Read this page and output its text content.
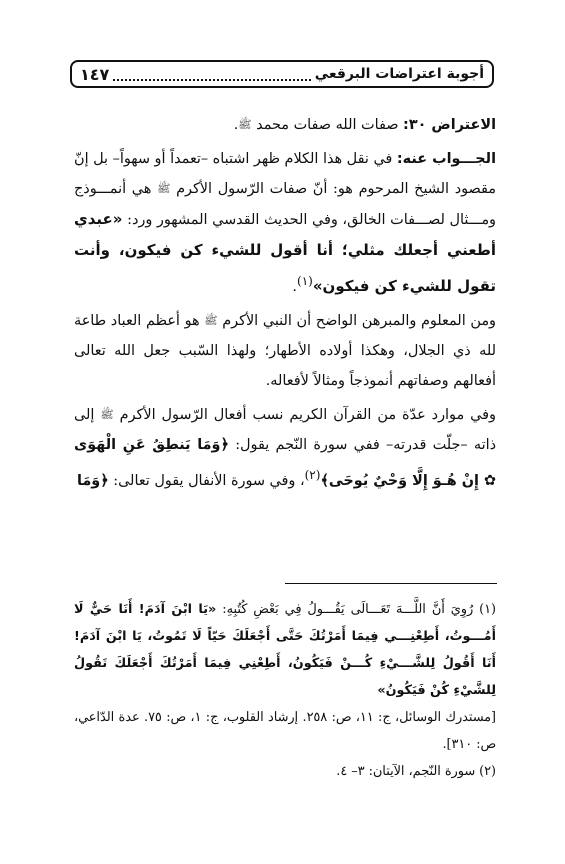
أجوبة اعتراضات البرقعي
١٤٧

الاعتراض ٣٠: صفات الله صفات محمد $^ﷺ$.

الجـــواب عنه: في نقل هذا الكلام ظهر اشتباه –تعمداً أو سهواً– بل إنّ مقصود الشيخ المرحوم هو: أنّ صفات الرّسول الأكرم $^ﷺ$ هي أنمـــوذج ومـــثال لصـــفات الخالق، وفي الحديث القدسي المشهور ورد: «عبدي أطعني أجعلك مثلي؛ أنا أقول للشيء كن فيكون، وأنت تقول للشيء كن فيكون»$^{(١)}$.

ومن المعلوم والمبرهن الواضح أن النبي الأكرم $^ﷺ$ هو أعظم العباد طاعة لله ذي الجلال، وهكذا أولاده الأطهار؛ ولهذا السّبب جعل الله تعالى أفعالهم وصفاتهم أنموذجاً ومثالاً لأفعاله.

وفي موارد عدّة من القرآن الكريم نسب أفعال الرّسول الأكرم $^ﷺ$ إلى ذاته –جلّت قدرته– ففي سورة النّجم يقول: ﴿وَمَا يَنطِقُ عَنِ الْهَوَى ✿ إِنْ هُـوَ إِلَّا وَحْيٌ يُوحَى﴾$^{(٢)}$، وفي سورة الأنفال يقول تعالى: ﴿وَمَا

(١) رُوِيَ أَنَّ اللَّـــهَ تَعَـــالَى يَقُـــولُ فِي بَعْضِ كُتُبِهِ: «يَا ابْنَ آدَمَ! أَنَا حَيٌّ لَا أَمُـــوتُ، أَطِعْنِـــي فِيمَا أَمَرْتُكَ حَتَّى أَجْعَلَكَ حَيّاً لَا تَمُوتُ، يَا ابْنَ آدَمَ! أَنَا أَقُولُ لِلشَّـــيْءِ كُـــنْ فَيَكُونُ، أَطِعْنِي فِيمَا أَمَرْتُكَ أَجْعَلَكَ تَقُولُ لِلشَّيْءِ كُنْ فَيَكُونُ»

[مستدرك الوسائل، ج: ١١، ص: ٢٥٨. إرشاد القلوب، ج: ١، ص: ٧٥. عدة الدّاعي، ص: ٣١٠].

(٢) سورة النّجم، الآيتان: ٣– ٤.
